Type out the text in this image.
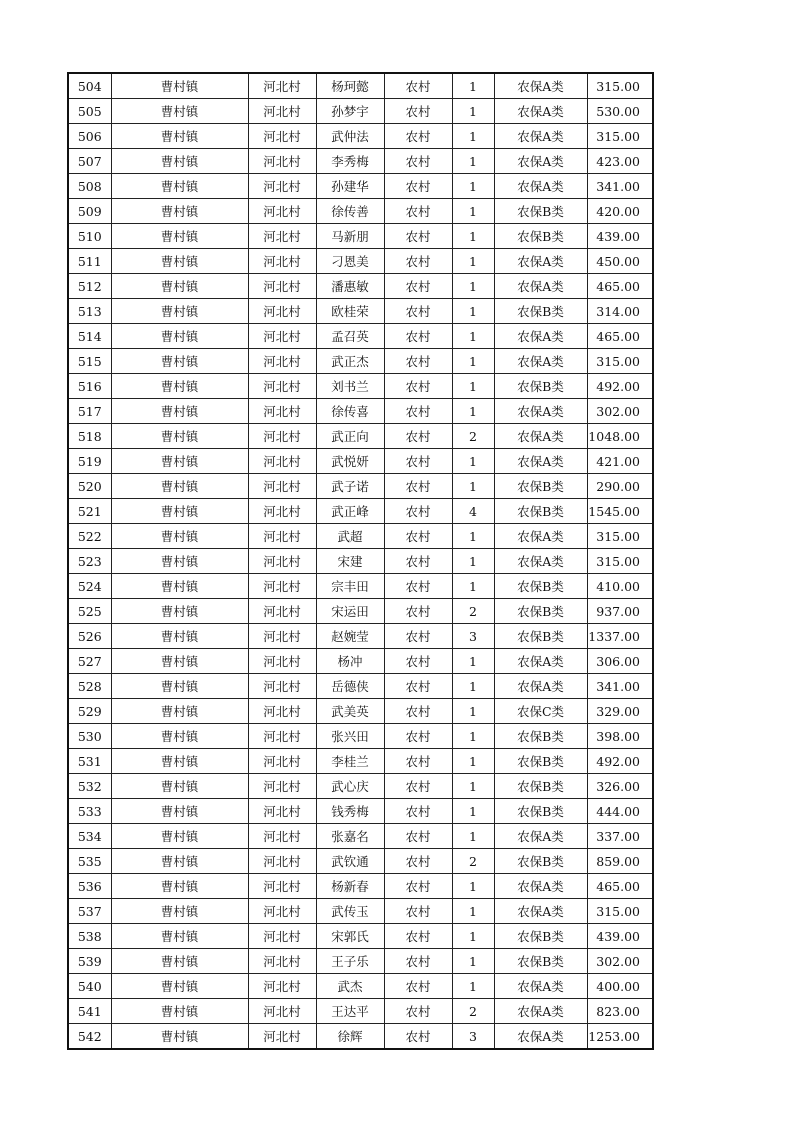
504	曹村镇	河北村	杨珂懿	农村	1	农保A类	315.00
505	曹村镇	河北村	孙梦宇	农村	1	农保A类	530.00
506	曹村镇	河北村	武仲法	农村	1	农保A类	315.00
507	曹村镇	河北村	李秀梅	农村	1	农保A类	423.00
508	曹村镇	河北村	孙建华	农村	1	农保A类	341.00
509	曹村镇	河北村	徐传善	农村	1	农保B类	420.00
510	曹村镇	河北村	马新朋	农村	1	农保B类	439.00
511	曹村镇	河北村	刁恩美	农村	1	农保A类	450.00
512	曹村镇	河北村	潘惠敏	农村	1	农保A类	465.00
513	曹村镇	河北村	欧桂荣	农村	1	农保B类	314.00
514	曹村镇	河北村	孟召英	农村	1	农保A类	465.00
515	曹村镇	河北村	武正杰	农村	1	农保A类	315.00
516	曹村镇	河北村	刘书兰	农村	1	农保B类	492.00
517	曹村镇	河北村	徐传喜	农村	1	农保A类	302.00
518	曹村镇	河北村	武正向	农村	2	农保A类	1048.00
519	曹村镇	河北村	武悦妍	农村	1	农保A类	421.00
520	曹村镇	河北村	武子诺	农村	1	农保B类	290.00
521	曹村镇	河北村	武正峰	农村	4	农保B类	1545.00
522	曹村镇	河北村	武超	农村	1	农保A类	315.00
523	曹村镇	河北村	宋建	农村	1	农保A类	315.00
524	曹村镇	河北村	宗丰田	农村	1	农保B类	410.00
525	曹村镇	河北村	宋运田	农村	2	农保B类	937.00
526	曹村镇	河北村	赵婉莹	农村	3	农保B类	1337.00
527	曹村镇	河北村	杨冲	农村	1	农保A类	306.00
528	曹村镇	河北村	岳德侠	农村	1	农保A类	341.00
529	曹村镇	河北村	武美英	农村	1	农保C类	329.00
530	曹村镇	河北村	张兴田	农村	1	农保B类	398.00
531	曹村镇	河北村	李桂兰	农村	1	农保B类	492.00
532	曹村镇	河北村	武心庆	农村	1	农保B类	326.00
533	曹村镇	河北村	钱秀梅	农村	1	农保B类	444.00
534	曹村镇	河北村	张嘉名	农村	1	农保A类	337.00
535	曹村镇	河北村	武钦通	农村	2	农保B类	859.00
536	曹村镇	河北村	杨新春	农村	1	农保A类	465.00
537	曹村镇	河北村	武传玉	农村	1	农保A类	315.00
538	曹村镇	河北村	宋郭氏	农村	1	农保B类	439.00
539	曹村镇	河北村	王子乐	农村	1	农保B类	302.00
540	曹村镇	河北村	武杰	农村	1	农保A类	400.00
541	曹村镇	河北村	王达平	农村	2	农保A类	823.00
542	曹村镇	河北村	徐辉	农村	3	农保A类	1253.00
